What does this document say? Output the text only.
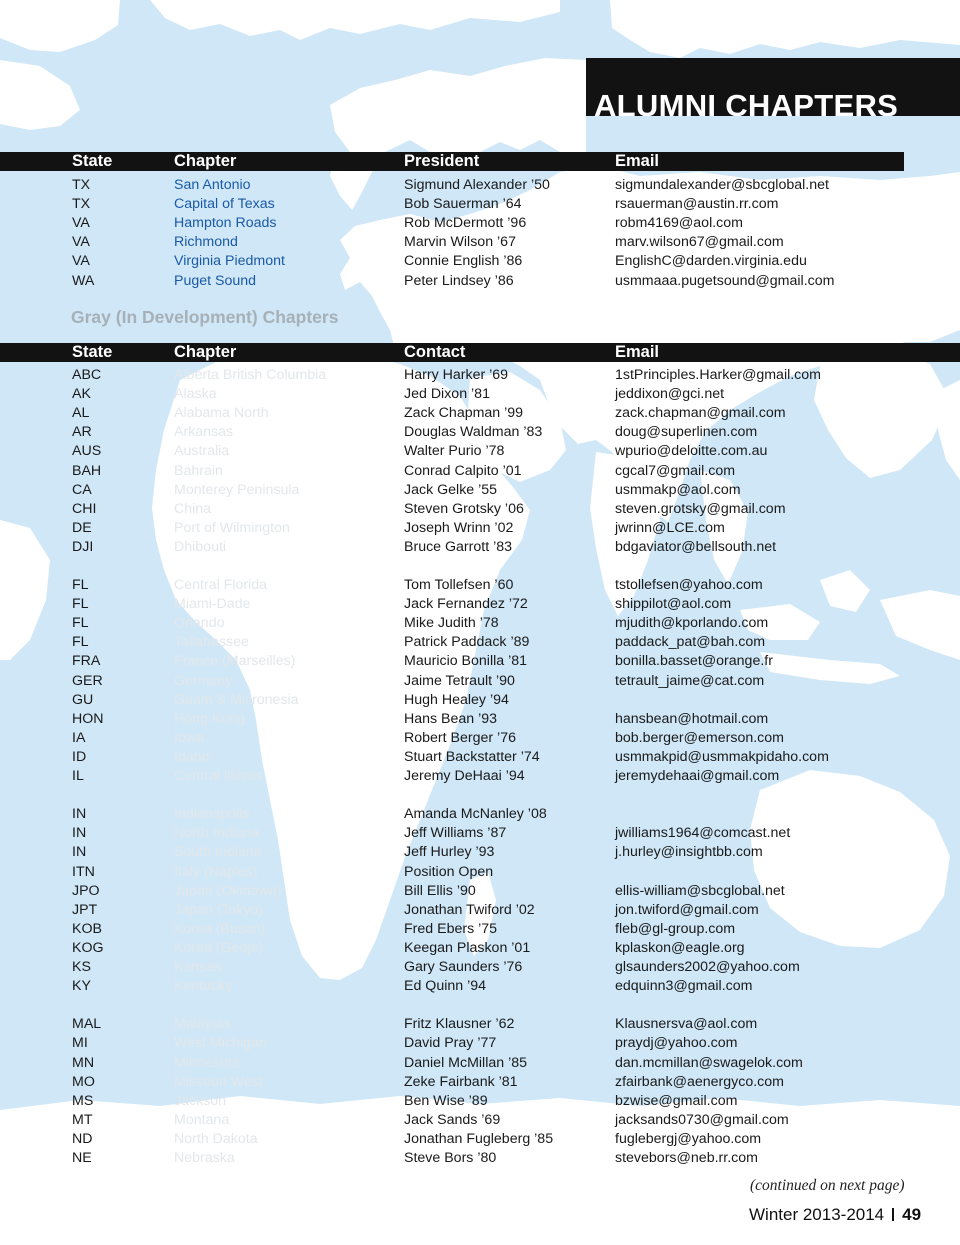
ALUMNI CHAPTERS
State	Chapter	President	Email
TX	San Antonio	Sigmund Alexander ’50	sigmundalexander@sbcglobal.net
TX	Capital of Texas	Bob Sauerman ’64	rsauerman@austin.rr.com
VA	Hampton Roads	Rob McDermott ’96	robm4169@aol.com
VA	Richmond	Marvin Wilson ’67	marv.wilson67@gmail.com
VA	Virginia Piedmont	Connie English ’86	EnglishC@darden.virginia.edu
WA	Puget Sound	Peter Lindsey ’86	usmmaaa.pugetsound@gmail.com
Gray (In Development) Chapters
State	Chapter	Contact	Email
ABC	Alberta British Columbia	Harry Harker ’69	1stPrinciples.Harker@gmail.com
AK	Alaska	Jed Dixon ’81	jeddixon@gci.net
AL	Alabama North	Zack Chapman ’99	zack.chapman@gmail.com
AR	Arkansas	Douglas Waldman ’83	doug@superlinen.com
AUS	Australia	Walter Purio ’78	wpurio@deloitte.com.au
BAH	Bahrain	Conrad Calpito ’01	cgcal7@gmail.com
CA	Monterey Peninsula	Jack Gelke ’55	usmmakp@aol.com
CHI	China	Steven Grotsky ’06	steven.grotsky@gmail.com
DE	Port of Wilmington	Joseph Wrinn ’02	jwrinn@LCE.com
DJI	Dhibouti	Bruce Garrott ’83	bdgaviator@bellsouth.net
FL	Central Florida	Tom Tollefsen ’60	tstollefsen@yahoo.com
FL	Miami-Dade	Jack Fernandez ’72	shippilot@aol.com
FL	Orlando	Mike Judith ’78	mjudith@kporlando.com
FL	Tallahassee	Patrick Paddack ’89	paddack_pat@bah.com
FRA	France (Marseilles)	Mauricio Bonilla ’81	bonilla.basset@orange.fr
GER	Germany	Jaime Tetrault ’90	tetrault_jaime@cat.com
GU	Guam & Micronesia	Hugh Healey ’94
HON	Hong Kong	Hans Bean ’93	hansbean@hotmail.com
IA	Iowa	Robert Berger ’76	bob.berger@emerson.com
ID	Idaho	Stuart Backstatter ’74	usmmakpid@usmmakpidaho.com
IL	Central Illinois	Jeremy DeHaai ’94	jeremydehaai@gmail.com
IN	Indianapolis	Amanda McNanley ’08
IN	North Indiana	Jeff Williams ’87	jwilliams1964@comcast.net
IN	South Indiana	Jeff Hurley ’93	j.hurley@insightbb.com
ITN	Italy (Naples)	Position Open
JPO	Japan (Okinawa)	Bill Ellis ’90	ellis-william@sbcglobal.net
JPT	Japan (Tokyo)	Jonathan Twiford ’02	jon.twiford@gmail.com
KOB	Korea (Busan)	Fred Ebers ’75	fleb@gl-group.com
KOG	Korea (Geoje)	Keegan Plaskon ’01	kplaskon@eagle.org
KS	Kansas	Gary Saunders ’76	glsaunders2002@yahoo.com
KY	Kentucky	Ed Quinn ’94	edquinn3@gmail.com
MAL	Malaysia	Fritz Klausner ’62	Klausnersva@aol.com
MI	West Michigan	David Pray ’77	praydj@yahoo.com
MN	Minnesota	Daniel McMillan ’85	dan.mcmillan@swagelok.com
MO	Missouri West	Zeke Fairbank ’81	zfairbank@aenergyco.com
MS	Jackson	Ben Wise ’89	bzwise@gmail.com
MT	Montana	Jack Sands ’69	jacksands0730@gmail.com
ND	North Dakota	Jonathan Fugleberg ’85	fuglebergj@yahoo.com
NE	Nebraska	Steve Bors ’80	stevebors@neb.rr.com
(continued on next page)
Winter 2013-2014 49
